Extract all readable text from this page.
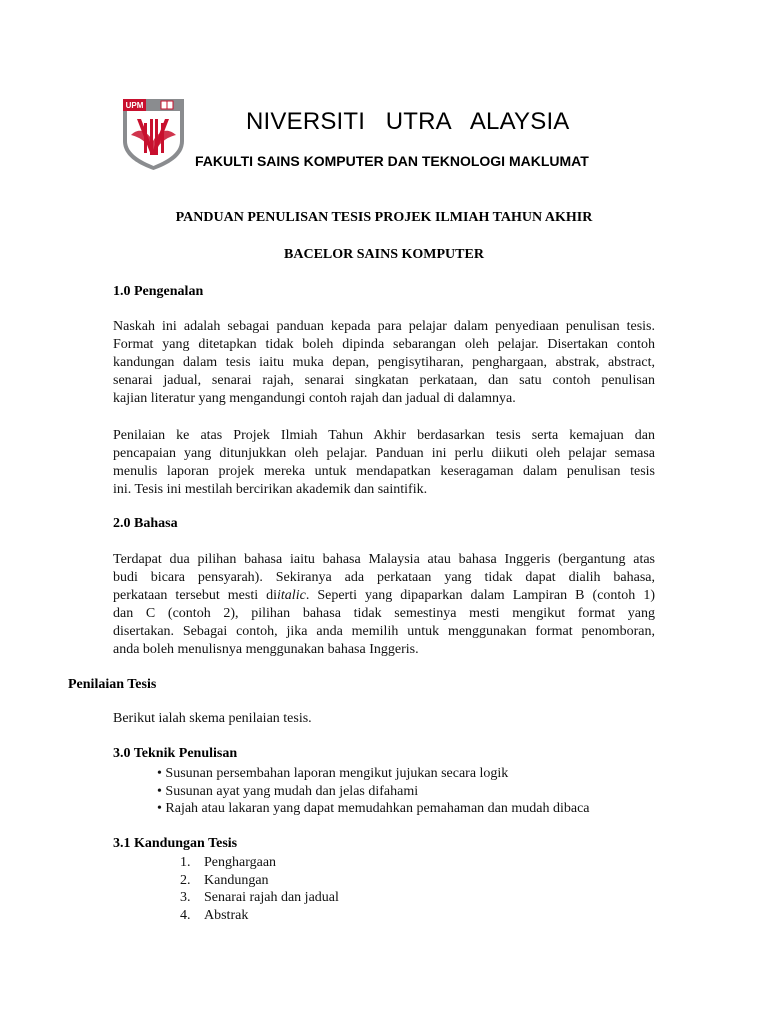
UPM
NIVERSITI   UTRA   ALAYSIA
FAKULTI SAINS KOMPUTER DAN TEKNOLOGI MAKLUMAT
PANDUAN PENULISAN TESIS PROJEK ILMIAH TAHUN AKHIR
BACELOR SAINS KOMPUTER
1.0 Pengenalan
Naskah ini adalah sebagai panduan kepada para pelajar dalam penyediaan penulisan tesis.
Format yang ditetapkan tidak boleh dipinda sebarangan oleh pelajar. Disertakan contoh
kandungan dalam tesis iaitu muka depan, pengisytiharan, penghargaan, abstrak, abstract,
senarai jadual, senarai rajah, senarai singkatan perkataan, dan satu contoh penulisan
kajian literatur yang mengandungi contoh rajah dan jadual di dalamnya.
Penilaian ke atas Projek Ilmiah Tahun Akhir berdasarkan tesis serta kemajuan dan
pencapaian yang ditunjukkan oleh pelajar. Panduan ini perlu diikuti oleh pelajar semasa
menulis laporan projek mereka untuk mendapatkan keseragaman dalam penulisan tesis
ini. Tesis ini mestilah bercirikan akademik dan saintifik.
2.0 Bahasa
Terdapat dua pilihan bahasa iaitu bahasa Malaysia atau bahasa Inggeris (bergantung atas
budi bicara pensyarah). Sekiranya ada perkataan yang tidak dapat dialih bahasa,
perkataan tersebut mesti diitalic. Seperti yang dipaparkan dalam Lampiran B (contoh 1)
dan C (contoh 2), pilihan bahasa tidak semestinya mesti mengikut format yang
disertakan. Sebagai contoh, jika anda memilih untuk menggunakan format penomboran,
anda boleh menulisnya menggunakan bahasa Inggeris.
Penilaian Tesis
Berikut ialah skema penilaian tesis.
3.0 Teknik Penulisan
• Susunan persembahan laporan mengikut jujukan secara logik
• Susunan ayat yang mudah dan jelas difahami
• Rajah atau lakaran yang dapat memudahkan pemahaman dan mudah dibaca
3.1 Kandungan Tesis
1. Penghargaan
2. Kandungan
3. Senarai rajah dan jadual
4. Abstrak
